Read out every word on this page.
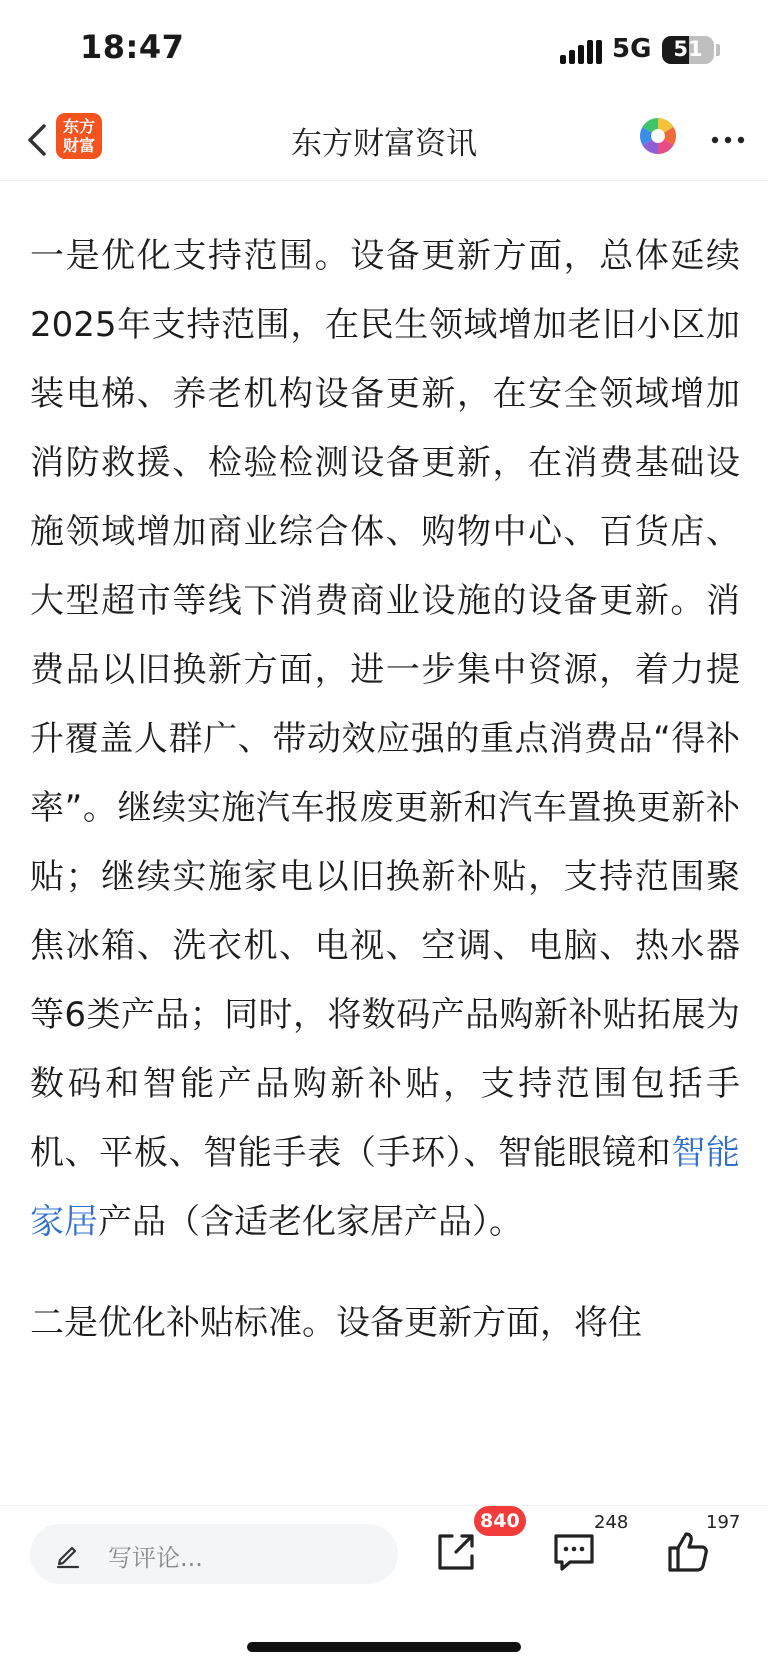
18:47	5G	51
东方
财富	东方财富资讯

一是优化支持范围。设备更新方面，总体延续2025年支持范围，在民生领域增加老旧小区加装电梯、养老机构设备更新，在安全领域增加消防救援、检验检测设备更新，在消费基础设施领域增加商业综合体、购物中心、百货店、大型超市等线下消费商业设施的设备更新。消费品以旧换新方面，进一步集中资源，着力提升覆盖人群广、带动效应强的重点消费品“得补率”。继续实施汽车报废更新和汽车置换更新补贴；继续实施家电以旧换新补贴，支持范围聚焦冰箱、洗衣机、电视、空调、电脑、热水器等6类产品；同时，将数码产品购新补贴拓展为数码和智能产品购新补贴，支持范围包括手机、平板、智能手表（手环）、智能眼镜和智能家居产品（含适老化家居产品）。

二是优化补贴标准。设备更新方面，将住

写评论...
840	248	197
